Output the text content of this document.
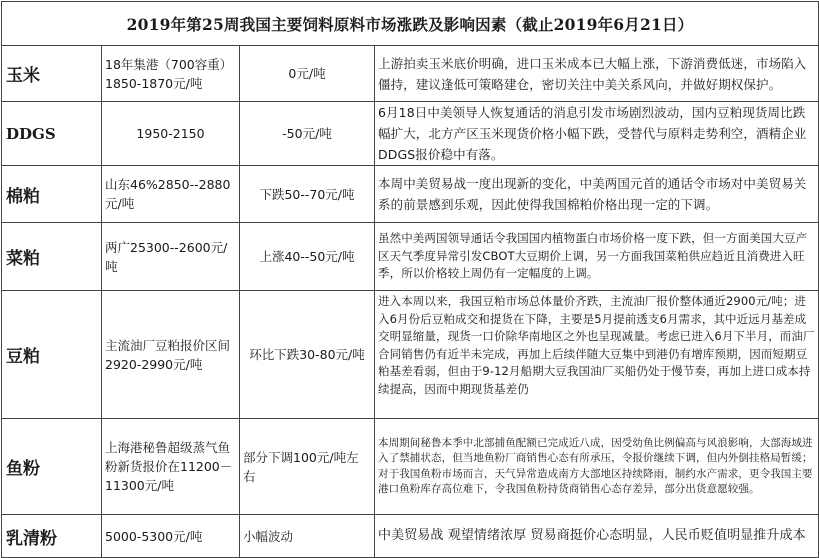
2019年第25周我国主要饲料原料市场涨跌及影响因素（截止2019年6月21日）			
玉米	18年集港（700容重）1850-1870元/吨	0元/吨	上游拍卖玉米底价明确，进口玉米成本已大幅上涨，下游消费低迷，市场陷入僵持，建议逢低可策略建仓，密切关注中美关系风向，并做好期权保护。
DDGS	1950-2150	-50元/吨	6月18日中美领导人恢复通话的消息引发市场剧烈波动，国内豆粕现货周比跌幅扩大，北方产区玉米现货价格小幅下跌，受替代与原料走势利空，酒精企业DDGS报价稳中有落。
棉粕	山东46%2850--2880元/吨	下跌50--70元/吨	本周中美贸易战一度出现新的变化，中美两国元首的通话令市场对中美贸易关系的前景感到乐观，因此使得我国棉粕价格出现一定的下调。
菜粕	两广25300--2600元/吨	上涨40--50元/吨	虽然中美两国领导通话令我国国内植物蛋白市场价格一度下跌，但一方面美国大豆产区天气季度异常引发CBOT大豆期价上调，另一方面我国菜粕供应趋近且消费进入旺季，所以价格较上周仍有一定幅度的上调。
豆粕	主流油厂豆粕报价区间2920-2990元/吨	环比下跌30-80元/吨	进入本周以来，我国豆粕市场总体量价齐跌，主流油厂报价整体通近2900元/吨；进入6月份后豆粕成交和提货在下降，主要是5月提前透支6月需求，其中近远月基差成交明显缩量，现货一口价除华南地区之外也呈现减量。考虑已进入6月下半月，而油厂合同销售仍有近半未完成，再加上后续伴随大豆集中到港仍有增库预期，因而短期豆粕基差看弱，但由于9-12月船期大豆我国油厂买船仍处于慢节奏，再加上进口成本持续提高，因而中期现货基差仍
鱼粉	上海港秘鲁超级蒸气鱼粉新货报价在11200－11300元/吨	部分下调100元/吨左右	本周期间秘鲁本季中北部捕鱼配额已完成近八成，因受幼鱼比例偏高与风浪影响，大部海域进入了禁捕状态，但当地鱼粉厂商销售心态有所承压，令报价继续下调，但内外倒挂格局暂缓；对于我国鱼粉市场而言，天气异常造成南方大部地区持续降雨，制约水产需求，更令我国主要港口鱼粉库存高位难下，令我国鱼粉持货商销售心态存差异，部分出货意愿较强。
乳清粉	5000-5300元/吨	小幅波动	中美贸易战 观望情绪浓厚 贸易商挺价心态明显，人民币贬值明显推升成本
